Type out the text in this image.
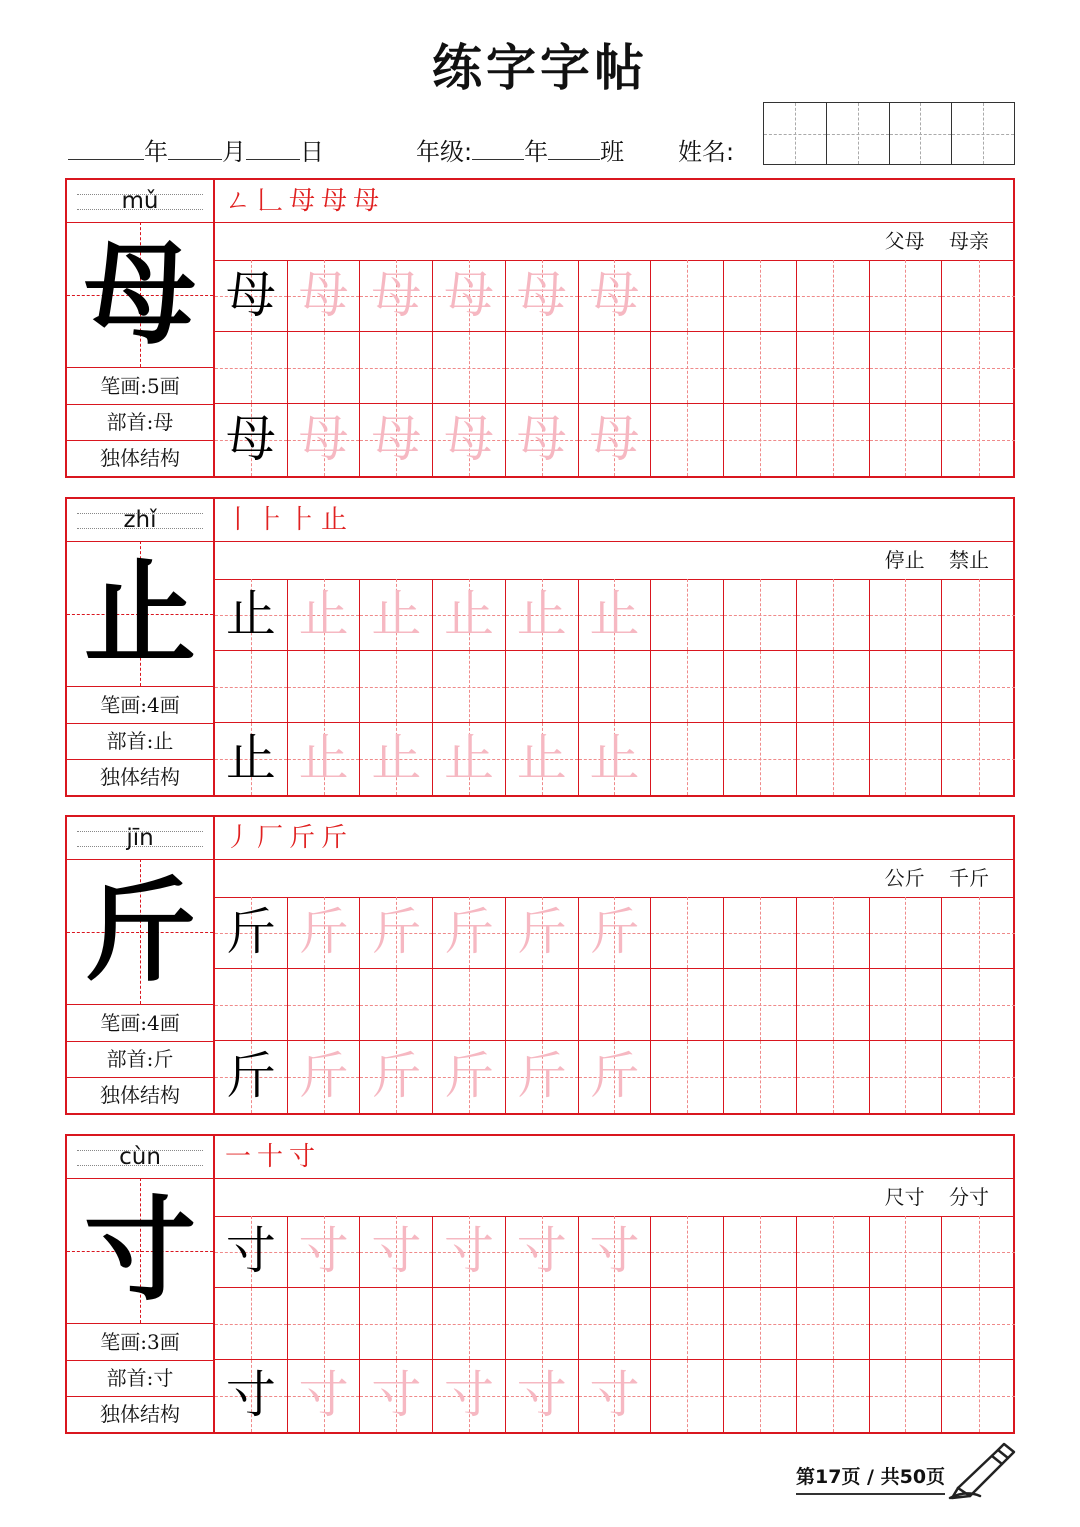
练字字帖
年 月 日	年级: 年 班 姓名:
mǔ
母
笔画:5画
部首:母
独体结构
ㄥ𠃊母母母
父母 母亲
母 母 母 母 母 母
母 母 母 母 母 母
zhǐ
止
笔画:4画
部首:止
独体结构
丨⺊⺊止
停止 禁止
止 止 止 止 止 止
止 止 止 止 止 止
jīn
斤
笔画:4画
部首:斤
独体结构
丿厂斤斤
公斤 千斤
斤 斤 斤 斤 斤 斤
斤 斤 斤 斤 斤 斤
cùn
寸
笔画:3画
部首:寸
独体结构
一十寸
尺寸 分寸
寸 寸 寸 寸 寸 寸
寸 寸 寸 寸 寸 寸
第17页 / 共50页
